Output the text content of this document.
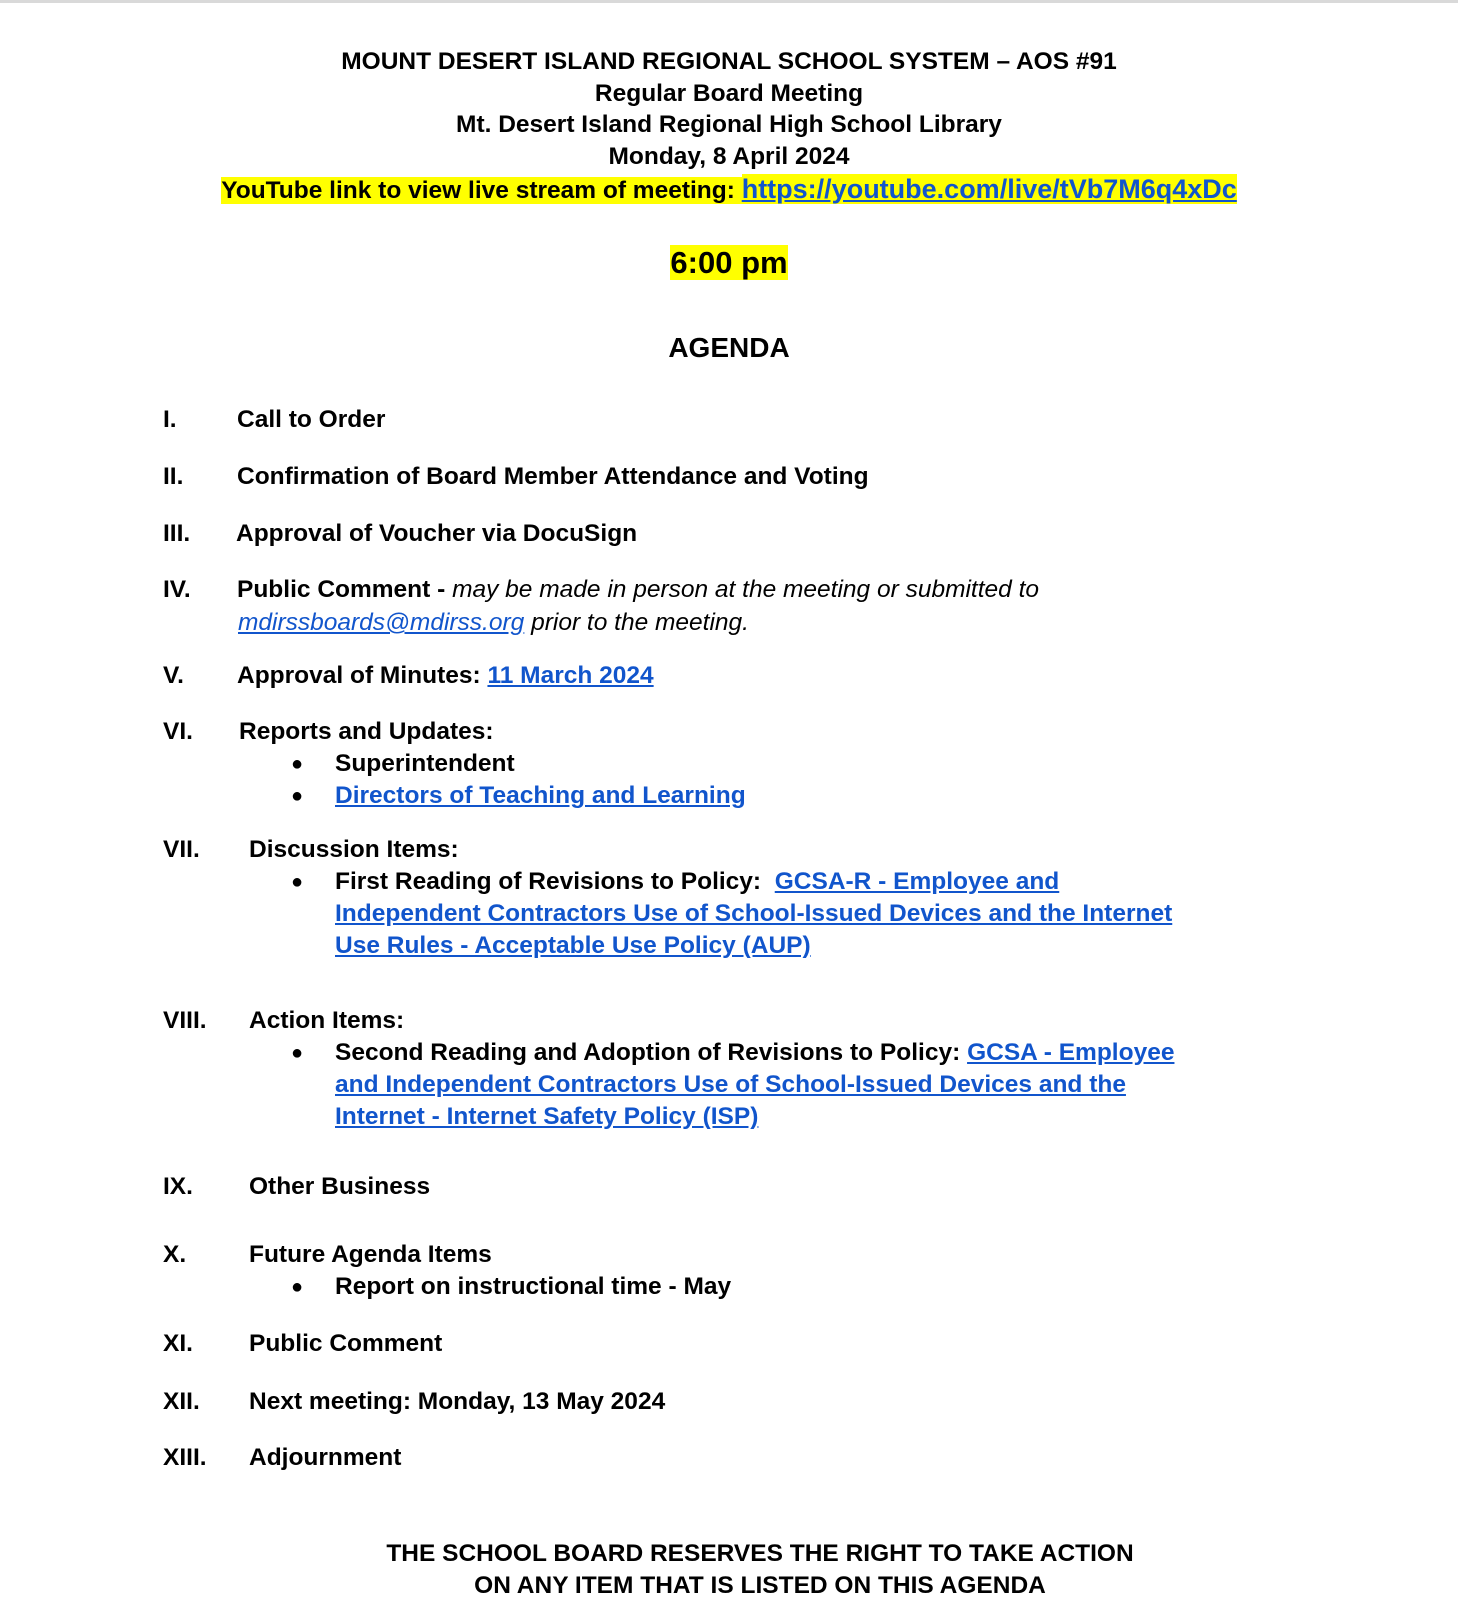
MOUNT DESERT ISLAND REGIONAL SCHOOL SYSTEM – AOS #91
Regular Board Meeting
Mt. Desert Island Regional High School Library
Monday, 8 April 2024
YouTube link to view live stream of meeting: https://youtube.com/live/tVb7M6q4xDc
6:00 pm
AGENDA
I. Call to Order
II. Confirmation of Board Member Attendance and Voting
III. Approval of Voucher via DocuSign
IV. Public Comment - may be made in person at the meeting or submitted to
mdirssboards@mdirss.org prior to the meeting.
V. Approval of Minutes: 11 March 2024
VI. Reports and Updates:
● Superintendent
● Directors of Teaching and Learning
VII. Discussion Items:
● First Reading of Revisions to Policy: GCSA-R - Employee and
Independent Contractors Use of School-Issued Devices and the Internet
Use Rules - Acceptable Use Policy (AUP)
VIII. Action Items:
● Second Reading and Adoption of Revisions to Policy: GCSA - Employee
and Independent Contractors Use of School-Issued Devices and the
Internet - Internet Safety Policy (ISP)
IX. Other Business
X.	Future Agenda Items
● Report on instructional time - May
XI. Public Comment
XII. Next meeting: Monday, 13 May 2024
XIII. Adjournment
THE SCHOOL BOARD RESERVES THE RIGHT TO TAKE ACTION
ON ANY ITEM THAT IS LISTED ON THIS AGENDA
